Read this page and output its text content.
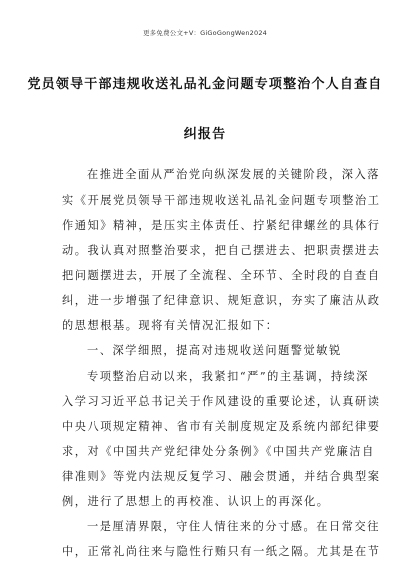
更多免费公文+V：GiGoGongWen2024
党员领导干部违规收送礼品礼金问题专项整治个人自查自
纠报告
在推进全面从严治党向纵深发展的关键阶段，深入落
实《开展党员领导干部违规收送礼品礼金问题专项整治工
作通知》精神，是压实主体责任、拧紧纪律螺丝的具体行
动。我认真对照整治要求，把自己摆进去、把职责摆进去
把问题摆进去，开展了全流程、全环节、全时段的自查自
纠，进一步增强了纪律意识、规矩意识，夯实了廉洁从政
的思想根基。现将有关情况汇报如下：
一、深学细照，提高对违规收送问题警觉敏锐
专项整治启动以来，我紧扣“严”的主基调，持续深
入学习习近平总书记关于作风建设的重要论述，认真研读
中央八项规定精神、省市有关制度规定及系统内部纪律要
求，对《中国共产党纪律处分条例》《中国共产党廉洁自
律准则》等党内法规反复学习、融会贯通，并结合典型案
例，进行了思想上的再校准、认识上的再深化。
一是厘清界限，守住人情往来的分寸感。在日常交往
中，正常礼尚往来与隐性行贿只有一纸之隔。尤其是在节
